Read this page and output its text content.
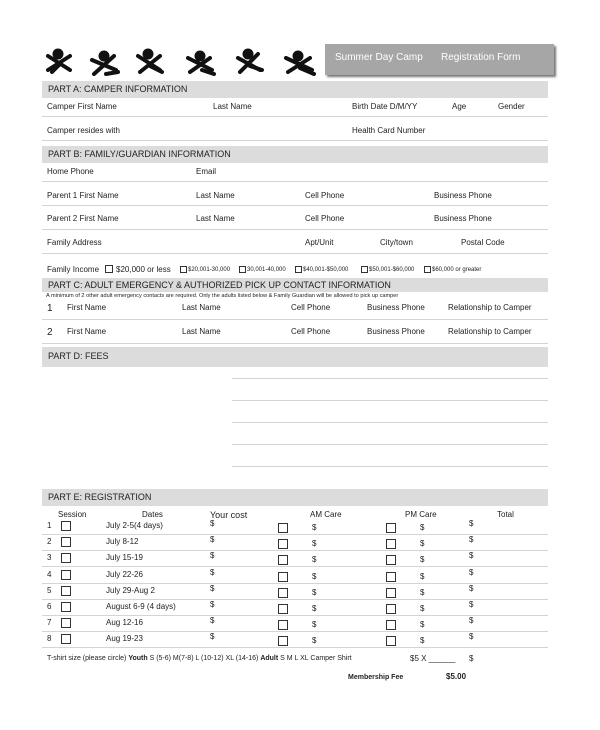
Summer Day Camp Registration Form
PART A: CAMPER INFORMATION
Camper First Name	Last Name	Birth Date D/M/YY	Age	Gender
Camper resides with	Health Card Number
PART B: FAMILY/GUARDIAN INFORMATION
Home Phone	Email
Parent 1 First Name	Last Name	Cell Phone	Business Phone
Parent 2 First Name	Last Name	Cell Phone	Business Phone
Family Address	Apt/Unit	City/town	Postal Code
Family Income $20,000 or less	$20,001-30,000	30,001-40,000	$40,001-$50,000	$50,001-$60,000	$60,000 or greater
PART C: ADULT EMERGENCY & AUTHORIZED PICK UP CONTACT INFORMATION
A minimum of 2 other adult emergency contacts are required. Only the adults listed below & Family Guardian will be allowed to pick up camper
1 First Name	Last Name	Cell Phone	Business Phone	Relationship to Camper
2 First Name	Last Name	Cell Phone	Business Phone	Relationship to Camper
PART D: FEES
PART E: REGISTRATION
Session	Dates	Your cost	AM Care	PM Care	Total
1	July 2-5(4 days)	$	$	$	$
2	July 8-12	$	$	$	$
3	July 15-19	$	$	$	$
4	July 22-26	$	$	$	$
5	July 29-Aug 2	$	$	$	$
6	August 6-9 (4 days)	$	$	$	$
7	Aug 12-16	$	$	$	$
8	Aug 19-23	$	$	$	$
T-shirt size (please circle) Youth S (5-6) M(7-8) L (10-12) XL (14-16) Adult S M L XL Camper Shirt	$5 X ______ $
Membership Fee	$5.00
